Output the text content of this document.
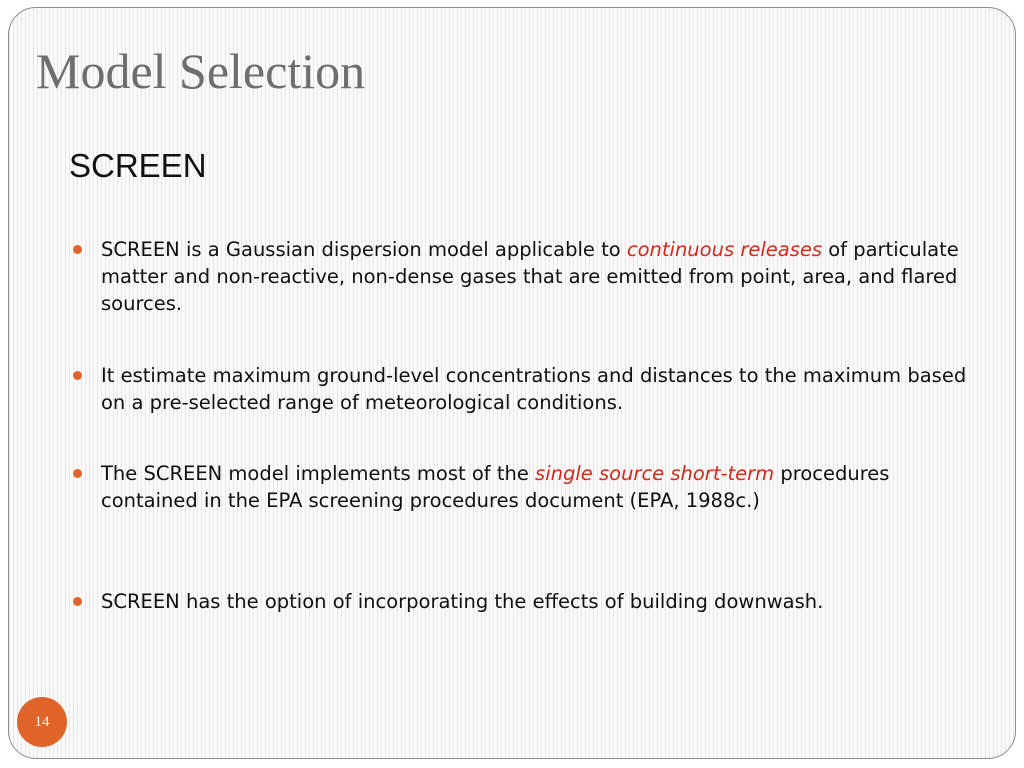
Model Selection
SCREEN
SCREEN is a Gaussian dispersion model applicable to continuous releases of particulate matter and non-reactive, non-dense gases that are emitted from point, area, and flared sources.
It estimate maximum ground-level concentrations and distances to the maximum based on a pre-selected range of meteorological conditions.
The SCREEN model implements most of the single source short-term procedures contained in the EPA screening procedures document (EPA, 1988c.)
SCREEN has the option of incorporating the effects of building downwash.
14
